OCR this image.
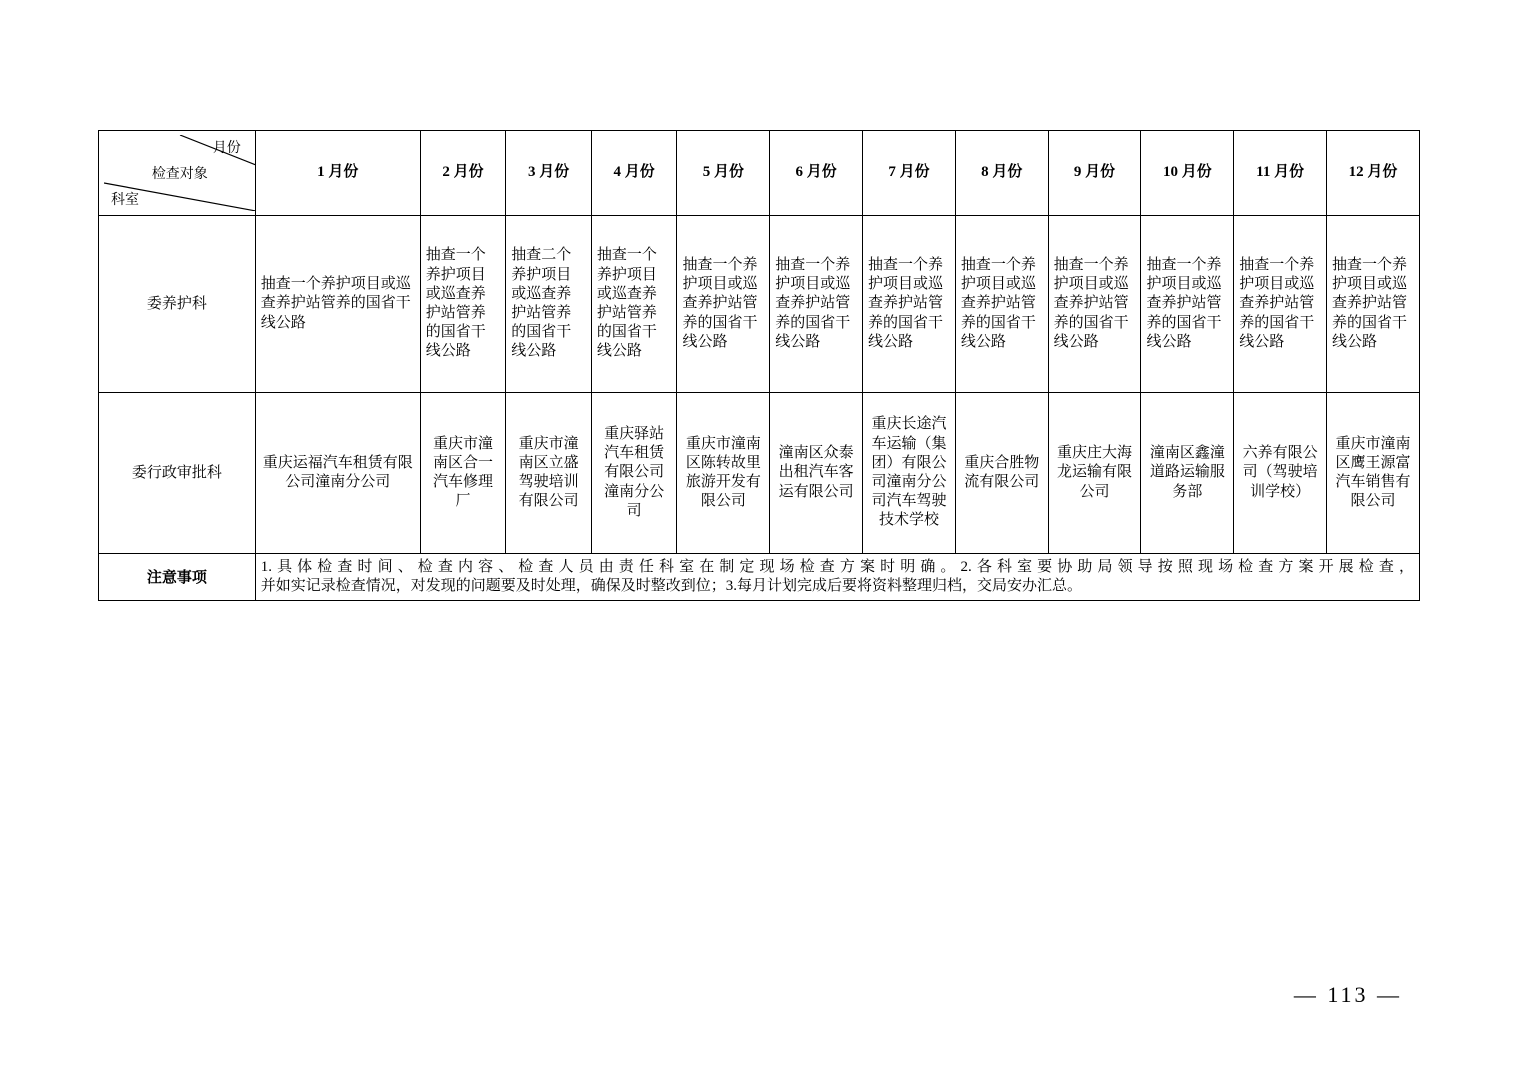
月份
检查对象
科室	1 月份	2 月份	3 月份	4 月份	5 月份	6 月份	7 月份	8 月份	9 月份	10 月份	11 月份	12 月份
委养护科	抽查一个养护项目或巡查养护站管养的国省干线公路	抽查一个养护项目或巡查养护站管养的国省干线公路	抽查二个养护项目或巡查养护站管养的国省干线公路	抽查一个养护项目或巡查养护站管养的国省干线公路	抽查一个养护项目或巡查养护站管养的国省干线公路	抽查一个养护项目或巡查养护站管养的国省干线公路	抽查一个养护项目或巡查养护站管养的国省干线公路	抽查一个养护项目或巡查养护站管养的国省干线公路	抽查一个养护项目或巡查养护站管养的国省干线公路	抽查一个养护项目或巡查养护站管养的国省干线公路	抽查一个养护项目或巡查养护站管养的国省干线公路	抽查一个养护项目或巡查养护站管养的国省干线公路
委行政审批科	重庆运福汽车租赁有限公司潼南分公司	重庆市潼南区合一汽车修理厂	重庆市潼南区立盛驾驶培训有限公司	重庆驿站汽车租赁有限公司潼南分公司	重庆市潼南区陈转故里旅游开发有限公司	潼南区众泰出租汽车客运有限公司	重庆长途汽车运输（集团）有限公司潼南分公司汽车驾驶技术学校	重庆合胜物流有限公司	重庆庄大海龙运输有限公司	潼南区鑫潼道路运输服务部	六养有限公司（驾驶培训学校）	重庆市潼南区鹰王源富汽车销售有限公司
注意事项	1.具体检查时间、检查内容、检查人员由责任科室在制定现场检查方案时明确。2.各科室要协助局领导按照现场检查方案开展检查，
并如实记录检查情况，对发现的问题要及时处理，确保及时整改到位；3.每月计划完成后要将资料整理归档，交局安办汇总。											
— 113 —
